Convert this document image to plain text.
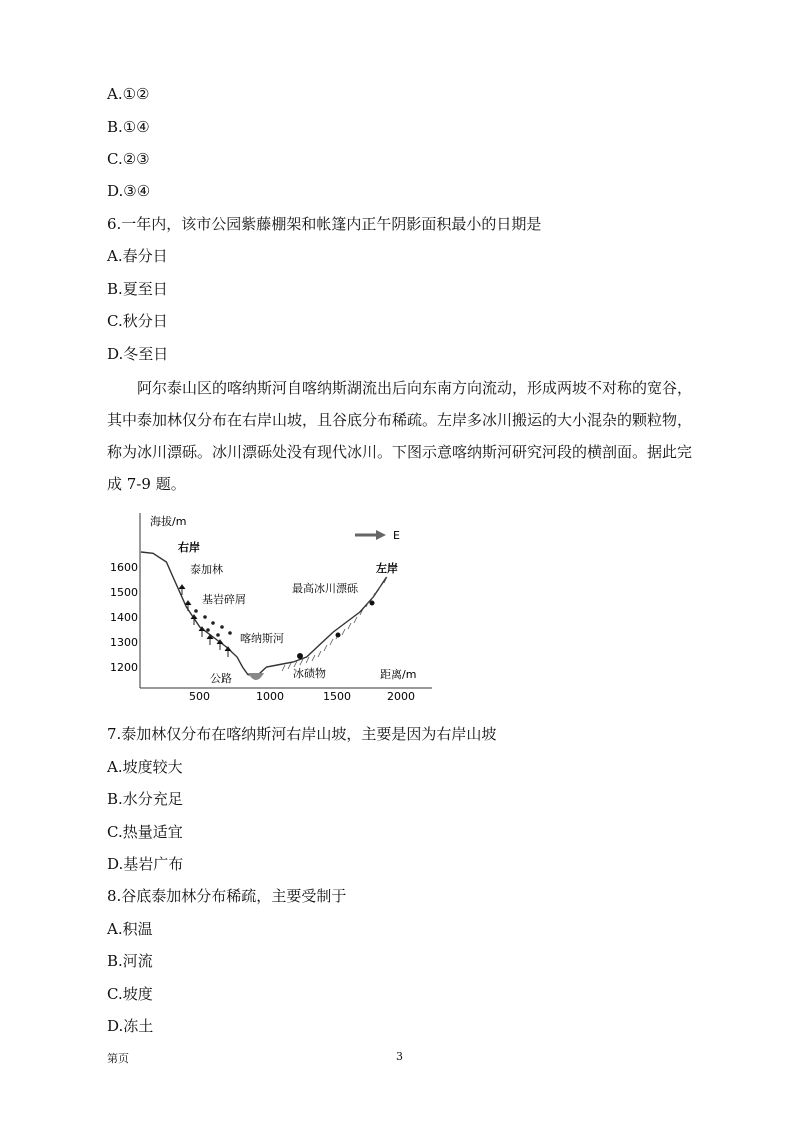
A.①②
B.①④
C.②③
D.③④
6.一年内，该市公园紫藤棚架和帐篷内正午阴影面积最小的日期是
A.春分日
B.夏至日
C.秋分日
D.冬至日
阿尔泰山区的喀纳斯河自喀纳斯湖流出后向东南方向流动，形成两坡不对称的宽谷，其中泰加林仅分布在右岸山坡，且谷底分布稀疏。左岸多冰川搬运的大小混杂的颗粒物，称为冰川漂砾。冰川漂砾处没有现代冰川。下图示意喀纳斯河研究河段的横剖面。据此完成 7-9 题。
海拔/m
距离/m
1600
1500
1400
1300
1200
500	1000	1500	2000
E
右岸
左岸
泰加林
基岩碎屑
喀纳斯河
公路	冰碛物
最高冰川漂砾
7.泰加林仅分布在喀纳斯河右岸山坡，主要是因为右岸山坡
A.坡度较大
B.水分充足
C.热量适宜
D.基岩广布
8.谷底泰加林分布稀疏，主要受制于
A.积温
B.河流
C.坡度
D.冻土
第页	3
